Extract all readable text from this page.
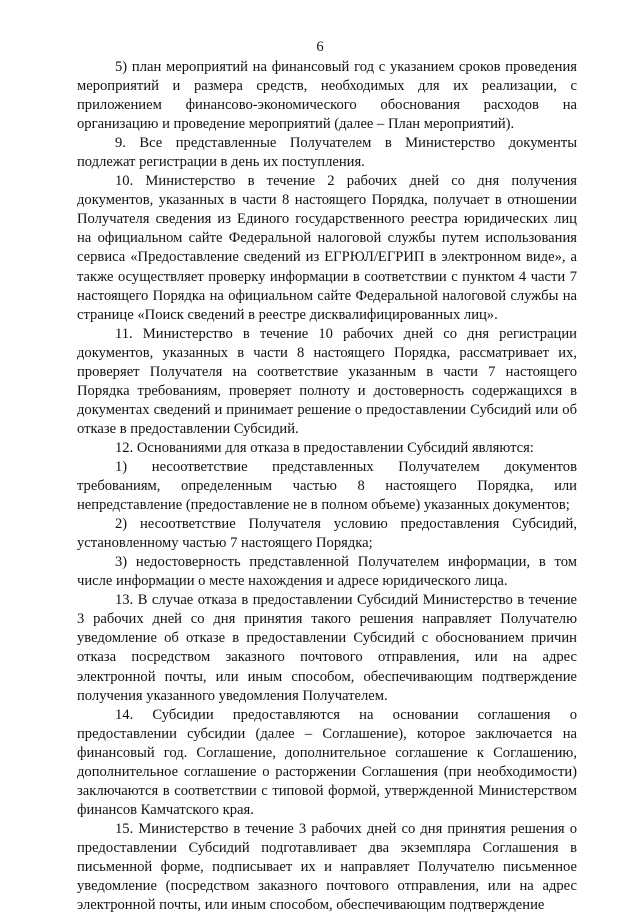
6

5) план мероприятий на финансовый год с указанием сроков проведения мероприятий и размера средств, необходимых для их реализации, с приложением финансово-экономического обоснования расходов на организацию и проведение мероприятий (далее – План мероприятий).

9. Все представленные Получателем в Министерство документы подлежат регистрации в день их поступления.

10. Министерство в течение 2 рабочих дней со дня получения документов, указанных в части 8 настоящего Порядка, получает в отношении Получателя сведения из Единого государственного реестра юридических лиц на официальном сайте Федеральной налоговой службы путем использования сервиса «Предоставление сведений из ЕГРЮЛ/ЕГРИП в электронном виде», а также осуществляет проверку информации в соответствии с пунктом 4 части 7 настоящего Порядка на официальном сайте Федеральной налоговой службы на странице «Поиск сведений в реестре дисквалифицированных лиц».

11. Министерство в течение 10 рабочих дней со дня регистрации документов, указанных в части 8 настоящего Порядка, рассматривает их, проверяет Получателя на соответствие указанным в части 7 настоящего Порядка требованиям, проверяет полноту и достоверность содержащихся в документах сведений и принимает решение о предоставлении Субсидий или об отказе в предоставлении Субсидий.

12. Основаниями для отказа в предоставлении Субсидий являются:

1) несоответствие представленных Получателем документов требованиям, определенным частью 8 настоящего Порядка, или непредставление (предоставление не в полном объеме) указанных документов;

2) несоответствие Получателя условию предоставления Субсидий, установленному частью 7 настоящего Порядка;

3) недостоверность представленной Получателем информации, в том числе информации о месте нахождения и адресе юридического лица.

13. В случае отказа в предоставлении Субсидий Министерство в течение 3 рабочих дней со дня принятия такого решения направляет Получателю уведомление об отказе в предоставлении Субсидий с обоснованием причин отказа посредством заказного почтового отправления, или на адрес электронной почты, или иным способом, обеспечивающим подтверждение получения указанного уведомления Получателем.

14. Субсидии предоставляются на основании соглашения о предоставлении субсидии (далее – Соглашение), которое заключается на финансовый год. Соглашение, дополнительное соглашение к Соглашению, дополнительное соглашение о расторжении Соглашения (при необходимости) заключаются в соответствии с типовой формой, утвержденной Министерством финансов Камчатского края.

15. Министерство в течение 3 рабочих дней со дня принятия решения о предоставлении Субсидий подготавливает два экземпляра Соглашения в письменной форме, подписывает их и направляет Получателю письменное уведомление (посредством заказного почтового отправления, или на адрес электронной почты, или иным способом, обеспечивающим подтверждение
